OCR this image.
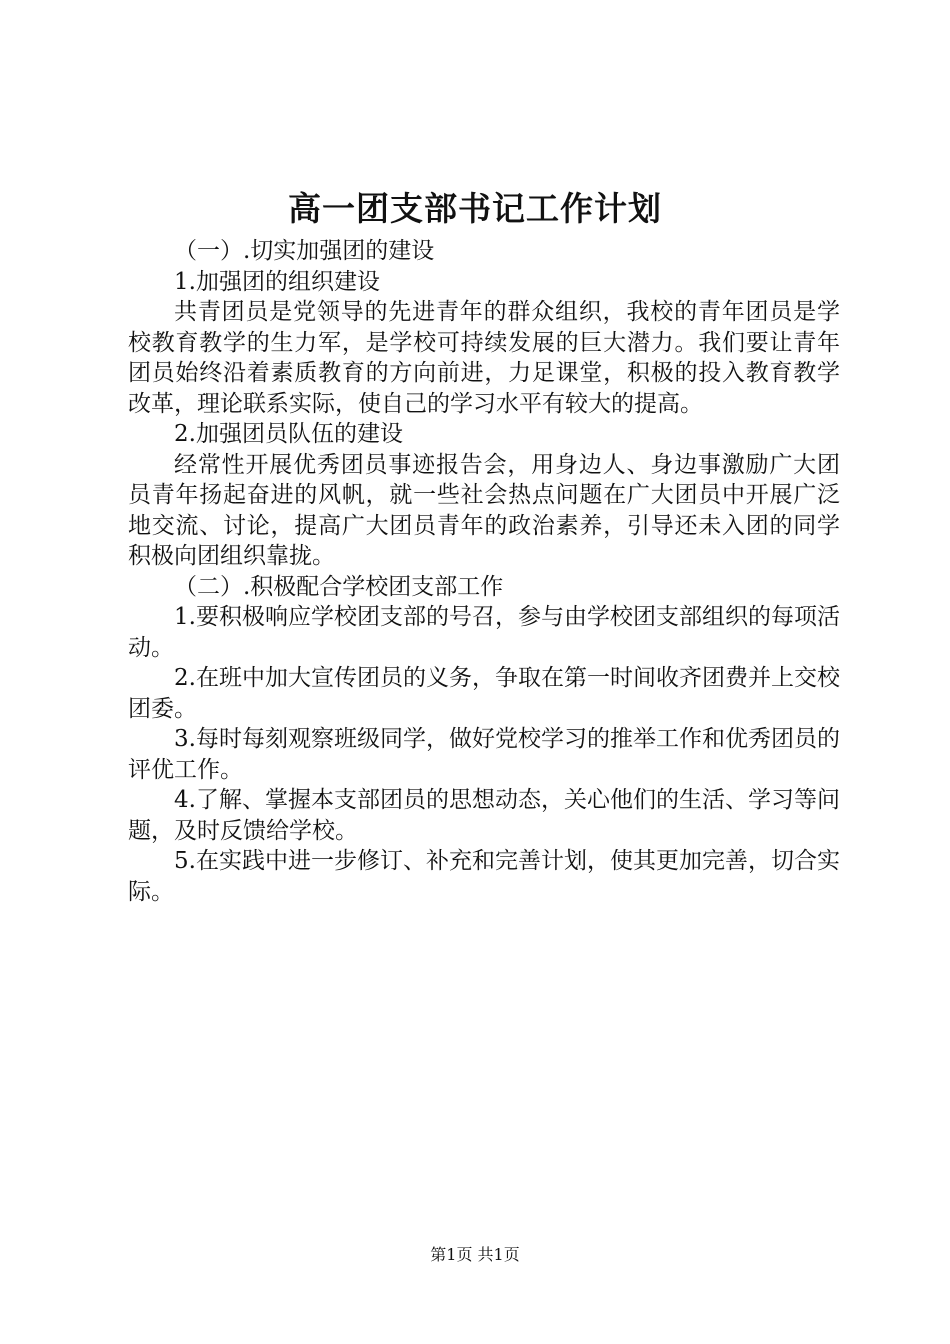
高一团支部书记工作计划

（一）.切实加强团的建设

1.加强团的组织建设

共青团员是党领导的先进青年的群众组织，我校的青年团员是学校教育教学的生力军，是学校可持续发展的巨大潜力。我们要让青年团员始终沿着素质教育的方向前进，力足课堂，积极的投入教育教学改革，理论联系实际，使自己的学习水平有较大的提高。

2.加强团员队伍的建设

经常性开展优秀团员事迹报告会，用身边人、身边事激励广大团员青年扬起奋进的风帆，就一些社会热点问题在广大团员中开展广泛地交流、讨论，提高广大团员青年的政治素养，引导还未入团的同学积极向团组织靠拢。

（二）.积极配合学校团支部工作

1.要积极响应学校团支部的号召，参与由学校团支部组织的每项活动。

2.在班中加大宣传团员的义务，争取在第一时间收齐团费并上交校团委。

3.每时每刻观察班级同学，做好党校学习的推举工作和优秀团员的评优工作。

4.了解、掌握本支部团员的思想动态，关心他们的生活、学习等问题，及时反馈给学校。

5.在实践中进一步修订、补充和完善计划，使其更加完善，切合实际。

第1页 共1页
